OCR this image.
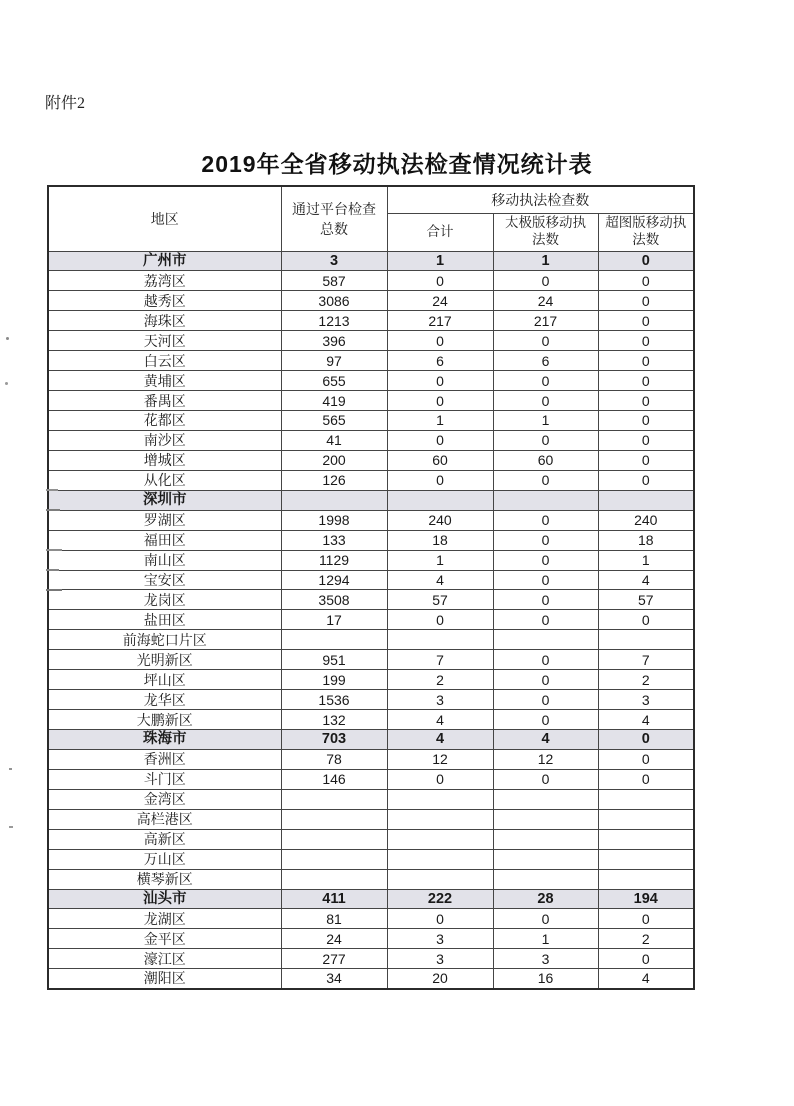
附件2
2019年全省移动执法检查情况统计表
地区	通过平台检查总数	移动执法检查数		
		合计	太极版移动执法数	超图版移动执法数
广州市	3	1	1	0
荔湾区	587	0	0	0
越秀区	3086	24	24	0
海珠区	1213	217	217	0
天河区	396	0	0	0
白云区	97	6	6	0
黄埔区	655	0	0	0
番禺区	419	0	0	0
花都区	565	1	1	0
南沙区	41	0	0	0
增城区	200	60	60	0
从化区	126	0	0	0
深圳市				
罗湖区	1998	240	0	240
福田区	133	18	0	18
南山区	1129	1	0	1
宝安区	1294	4	0	4
龙岗区	3508	57	0	57
盐田区	17	0	0	0
前海蛇口片区				
光明新区	951	7	0	7
坪山区	199	2	0	2
龙华区	1536	3	0	3
大鹏新区	132	4	0	4
珠海市	703	4	4	0
香洲区	78	12	12	0
斗门区	146	0	0	0
金湾区				
高栏港区				
高新区				
万山区				
横琴新区				
汕头市	411	222	28	194
龙湖区	81	0	0	0
金平区	24	3	1	2
濠江区	277	3	3	0
潮阳区	34	20	16	4
